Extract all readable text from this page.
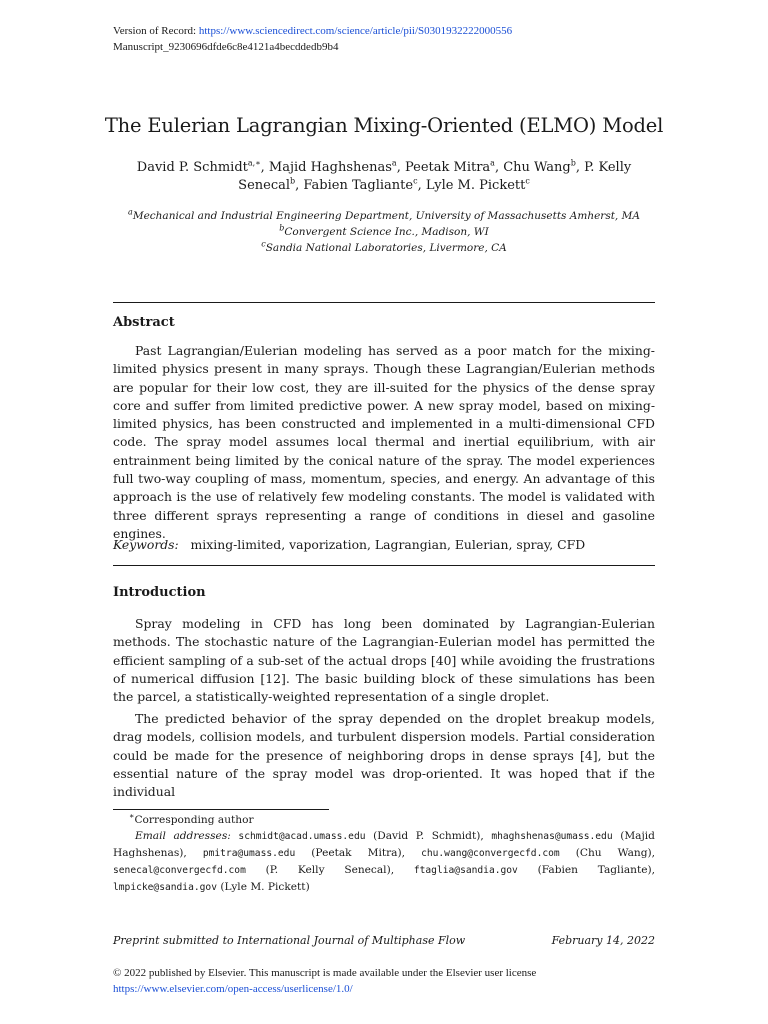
Version of Record: https://www.sciencedirect.com/science/article/pii/S0301932222000556
Manuscript_9230696dfde6c8e4121a4becddedb9b4
The Eulerian Lagrangian Mixing-Oriented (ELMO) Model
David P. Schmidt$^{a,∗}$, Majid Haghshenas$^a$, Peetak Mitra$^a$, Chu Wang$^b$, P. Kelly Senecal$^b$, Fabien Tagliante$^c$, Lyle M. Pickett$^c$
$^a$Mechanical and Industrial Engineering Department, University of Massachusetts Amherst, MA
$^b$Convergent Science Inc., Madison, WI
$^c$Sandia National Laboratories, Livermore, CA
Abstract
Past Lagrangian/Eulerian modeling has served as a poor match for the mixing-limited physics present in many sprays. Though these Lagrangian/Eulerian methods are popular for their low cost, they are ill-suited for the physics of the dense spray core and suffer from limited predictive power. A new spray model, based on mixing-limited physics, has been constructed and implemented in a multi-dimensional CFD code. The spray model assumes local thermal and inertial equilibrium, with air entrainment being limited by the conical nature of the spray. The model experiences full two-way coupling of mass, momentum, species, and energy. An advantage of this approach is the use of relatively few modeling constants. The model is validated with three different sprays representing a range of conditions in diesel and gasoline engines.
Keywords: mixing-limited, vaporization, Lagrangian, Eulerian, spray, CFD
Introduction
Spray modeling in CFD has long been dominated by Lagrangian-Eulerian methods. The stochastic nature of the Lagrangian-Eulerian model has permitted the efficient sampling of a sub-set of the actual drops [40] while avoiding the frustrations of numerical diffusion [12]. The basic building block of these simulations has been the parcel, a statistically-weighted representation of a single droplet.
The predicted behavior of the spray depended on the droplet breakup models, drag models, collision models, and turbulent dispersion models. Partial consideration could be made for the presence of neighboring drops in dense sprays [4], but the essential nature of the spray model was drop-oriented. It was hoped that if the individual
∗Corresponding author
Email addresses: schmidt@acad.umass.edu (David P. Schmidt), mhaghshenas@umass.edu (Majid Haghshenas), pmitra@umass.edu (Peetak Mitra), chu.wang@convergecfd.com (Chu Wang), senecal@convergecfd.com (P. Kelly Senecal), ftaglia@sandia.gov (Fabien Tagliante), lmpicke@sandia.gov (Lyle M. Pickett)
Preprint submitted to International Journal of Multiphase Flow	February 14, 2022
© 2022 published by Elsevier. This manuscript is made available under the Elsevier user license
https://www.elsevier.com/open-access/userlicense/1.0/
